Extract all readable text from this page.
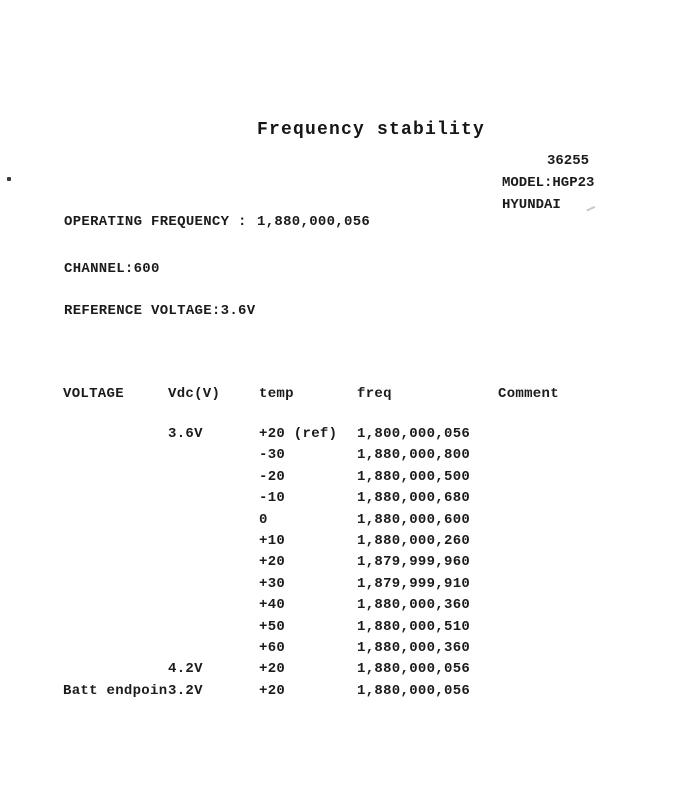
Frequency stability
36255
MODEL:HGP23
HYUNDAI
OPERATING FREQUENCY : 1,880,000,056
CHANNEL:600
REFERENCE VOLTAGE:3.6V
VOLTAGE	Vdc(V)	temp	freq	Comment
3.6V	+20 (ref) 1,800,000,056
-30	1,880,000,800
-20	1,880,000,500
-10	1,880,000,680
0	1,880,000,600
+10	1,880,000,260
+20	1,879,999,960
+30	1,879,999,910
+40	1,880,000,360
+50	1,880,000,510
+60	1,880,000,360
4.2V	+20	1,880,000,056
Batt endpoin 3.2V	+20	1,880,000,056
